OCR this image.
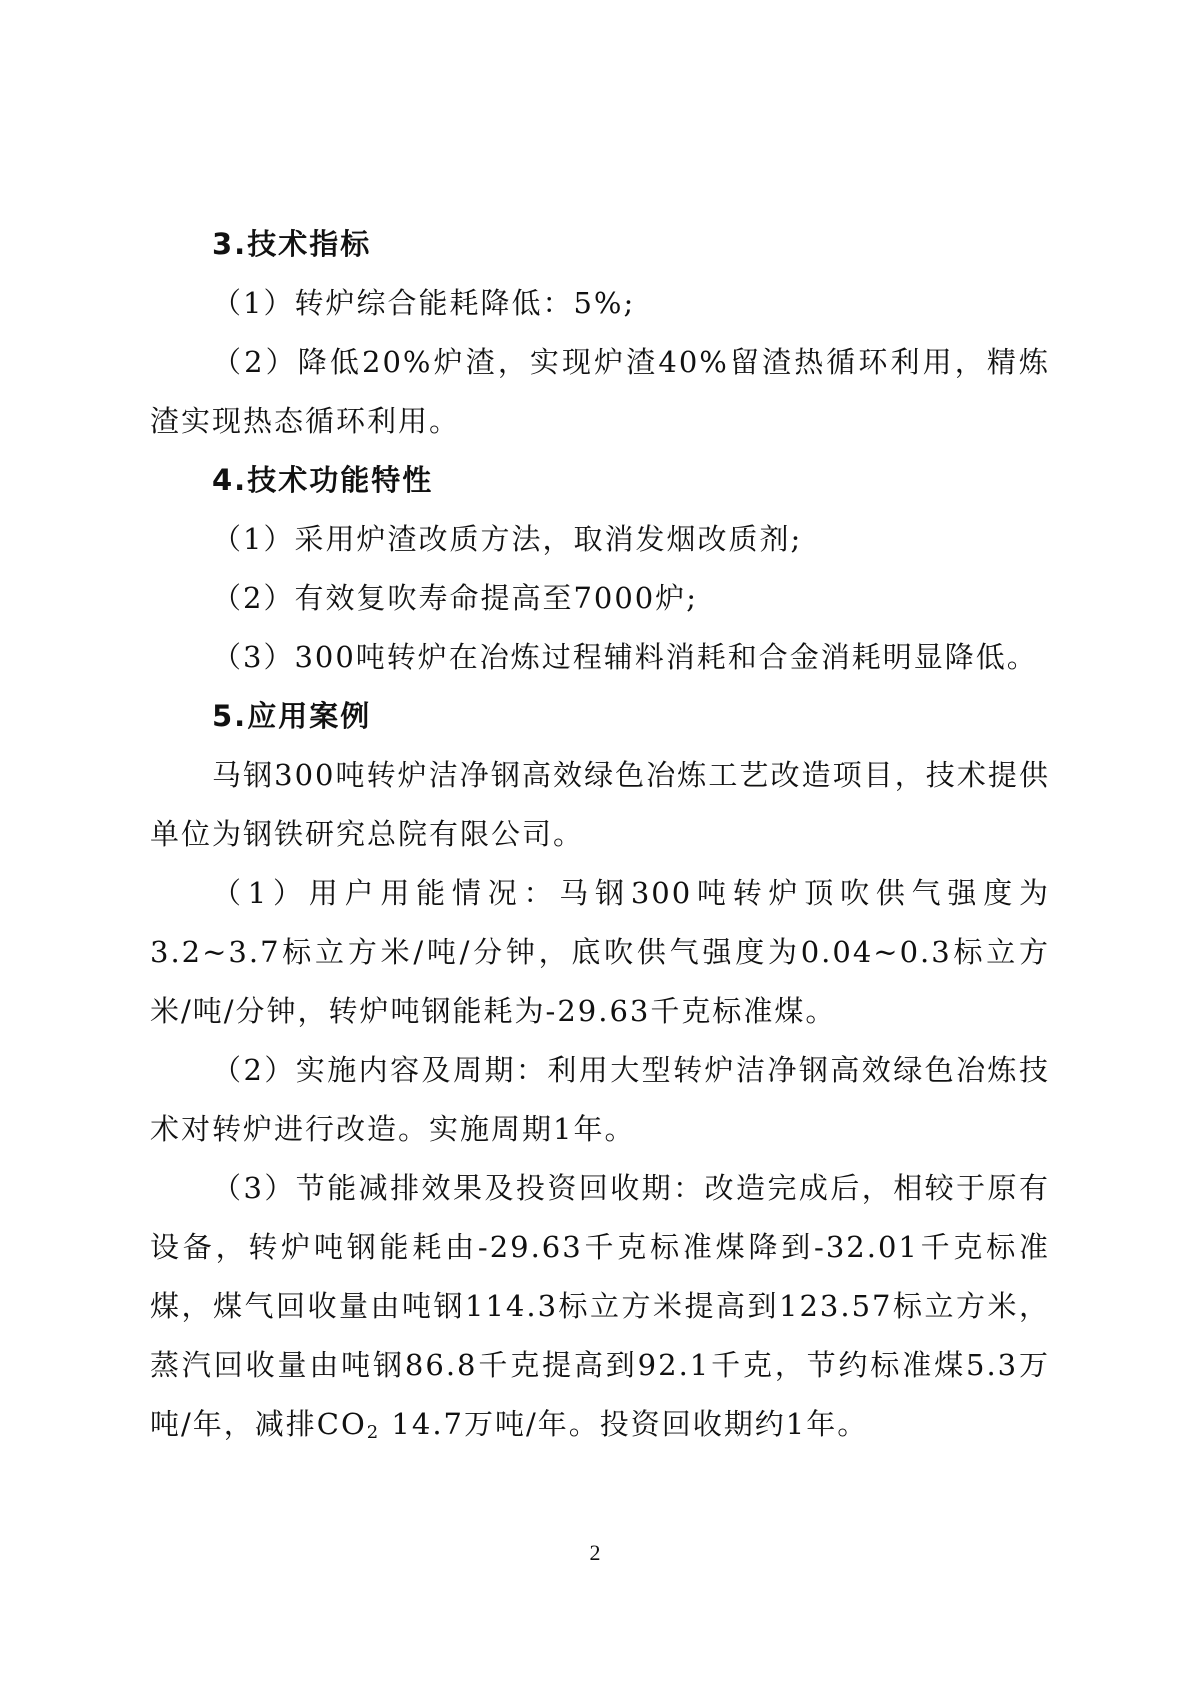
3.技术指标

（1）转炉综合能耗降低：5%;

（2）降低20%炉渣，实现炉渣40%留渣热循环利用，精炼渣实现热态循环利用。

4.技术功能特性

（1）采用炉渣改质方法，取消发烟改质剂;

（2）有效复吹寿命提高至7000炉;

（3）300吨转炉在冶炼过程辅料消耗和合金消耗明显降低。

5.应用案例

马钢300吨转炉洁净钢高效绿色冶炼工艺改造项目，技术提供单位为钢铁研究总院有限公司。

（1）用户用能情况：马钢300吨转炉顶吹供气强度为3.2~3.7标立方米/吨/分钟，底吹供气强度为0.04~0.3标立方米/吨/分钟，转炉吨钢能耗为-29.63千克标准煤。

（2）实施内容及周期：利用大型转炉洁净钢高效绿色冶炼技术对转炉进行改造。实施周期1年。

（3）节能减排效果及投资回收期：改造完成后，相较于原有设备，转炉吨钢能耗由-29.63千克标准煤降到-32.01千克标准煤，煤气回收量由吨钢114.3标立方米提高到123.57标立方米，蒸汽回收量由吨钢86.8千克提高到92.1千克，节约标准煤5.3万吨/年，减排$CO_2$ 14.7万吨/年。投资回收期约1年。

2
